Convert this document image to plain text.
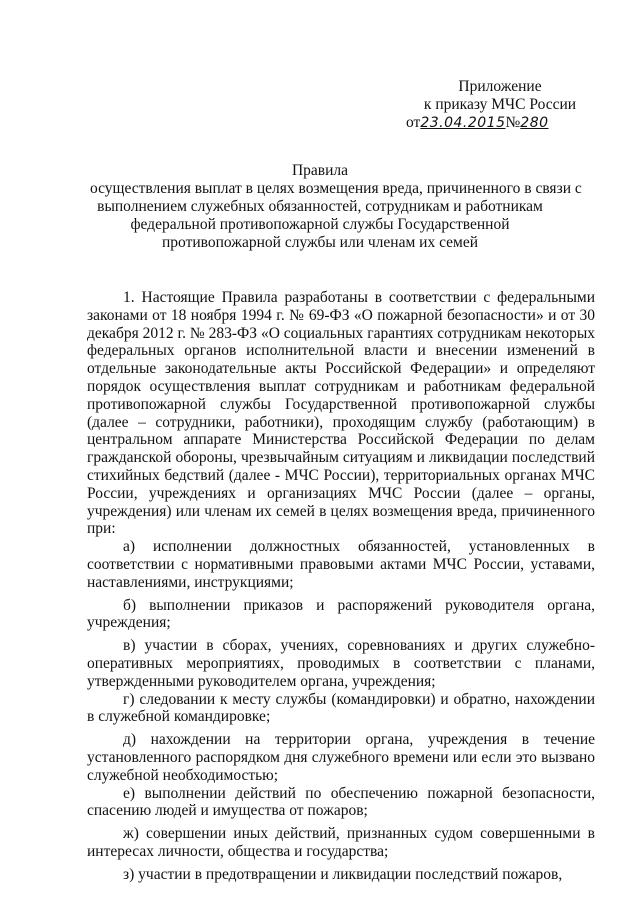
Приложение
к приказу МЧС России
от23.04.2015№280
Правила
осуществления выплат в целях возмещения вреда, причиненного в связи с
выполнением служебных обязанностей, сотрудникам и работникам
федеральной противопожарной службы Государственной
противопожарной службы или членам их семей

1. Настоящие Правила разработаны в соответствии с федеральными законами от 18 ноября 1994 г. № 69-ФЗ «О пожарной безопасности» и от 30 декабря 2012 г. № 283-ФЗ «О социальных гарантиях сотрудникам некоторых федеральных органов исполнительной власти и внесении изменений в отдельные законодательные акты Российской Федерации» и определяют порядок осуществления выплат сотрудникам и работникам федеральной противопожарной службы Государственной противопожарной службы (далее – сотрудники, работники), проходящим службу (работающим) в центральном аппарате Министерства Российской Федерации по делам гражданской обороны, чрезвычайным ситуациям и ликвидации последствий стихийных бедствий (далее - МЧС России), территориальных органах МЧС России, учреждениях и организациях МЧС России (далее – органы, учреждения) или членам их семей в целях возмещения вреда, причиненного при:

а) исполнении должностных обязанностей, установленных в соответствии с нормативными правовыми актами МЧС России, уставами, наставлениями, инструкциями;

б) выполнении приказов и распоряжений руководителя органа, учреждения;

в) участии в сборах, учениях, соревнованиях и других служебно-оперативных мероприятиях, проводимых в соответствии с планами, утвержденными руководителем органа, учреждения;

г) следовании к месту службы (командировки) и обратно, нахождении в служебной командировке;

д) нахождении на территории органа, учреждения в течение установленного распорядком дня служебного времени или если это вызвано служебной необходимостью;

е) выполнении действий по обеспечению пожарной безопасности, спасению людей и имущества от пожаров;

ж) совершении иных действий, признанных судом совершенными в интересах личности, общества и государства;

з) участии в предотвращении и ликвидации последствий пожаров,
